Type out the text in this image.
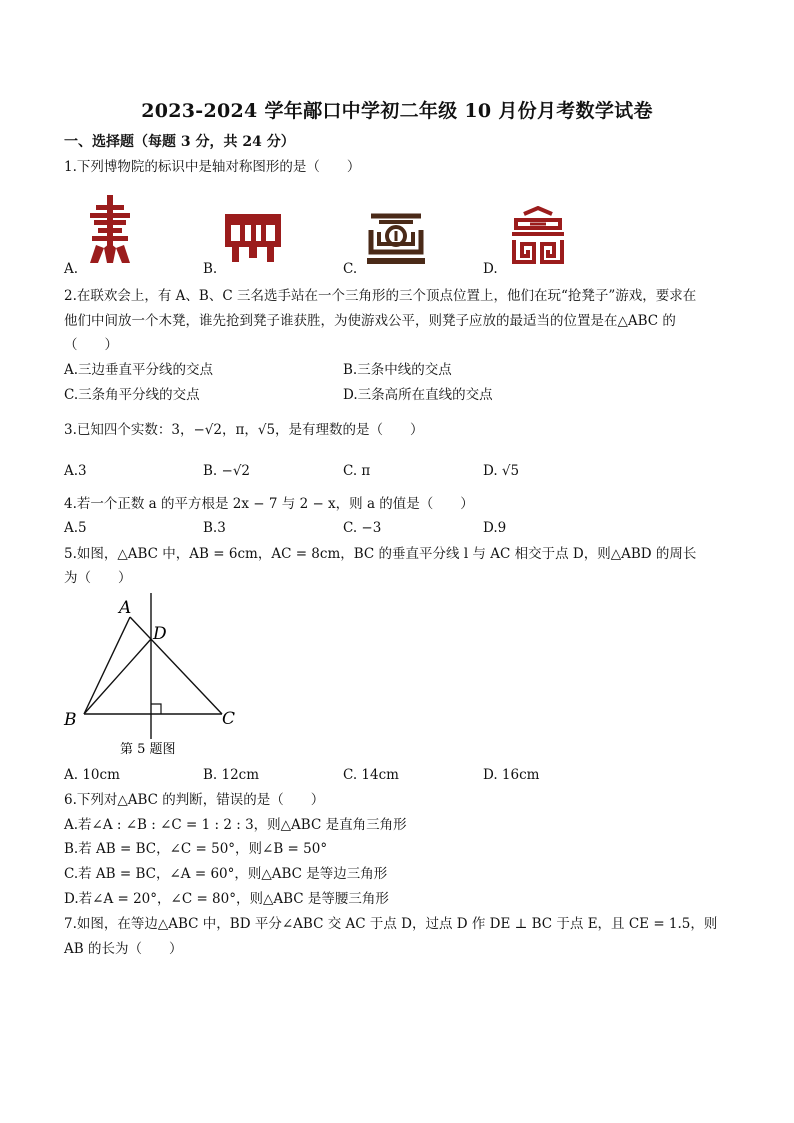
2023-2024 学年鄗口中学初二年级 10 月份月考数学试卷
一、选择题（每题 3 分，共 24 分）
1.下列博物院的标识中是轴对称图形的是（　　）
A.	B.	C.	D.
2.在联欢会上，有 A、B、C 三名选手站在一个三角形的三个顶点位置上，他们在玩“抢凳子”游戏，要求在
他们中间放一个木凳，谁先抢到凳子谁获胜，为使游戏公平，则凳子应放的最适当的位置是在△ABC 的
（　　）
A.三边垂直平分线的交点	B.三条中线的交点
C.三条角平分线的交点	D.三条高所在直线的交点
3.已知四个实数：3，−√2，π，√5，是有理数的是（　　）
A.3	B. −√2	C. π	D. √5
4.若一个正数 a 的平方根是 2x − 7 与 2 − x，则 a 的值是（　　）
A.5	B.3	C. −3	D.9
5.如图，△ABC 中，AB = 6cm，AC = 8cm，BC 的垂直平分线 l 与 AC 相交于点 D，则△ABD 的周长
为（　　）
A
D
B	C
第 5 题图
A. 10cm	B. 12cm	C. 14cm	D. 16cm
6.下列对△ABC 的判断，错误的是（　　）
A.若∠A : ∠B : ∠C = 1 : 2 : 3，则△ABC 是直角三角形
B.若 AB = BC，∠C = 50°，则∠B = 50°
C.若 AB = BC，∠A = 60°，则△ABC 是等边三角形
D.若∠A = 20°，∠C = 80°，则△ABC 是等腰三角形
7.如图，在等边△ABC 中，BD 平分∠ABC 交 AC 于点 D，过点 D 作 DE ⊥ BC 于点 E，且 CE = 1.5，则
AB 的长为（　　）
